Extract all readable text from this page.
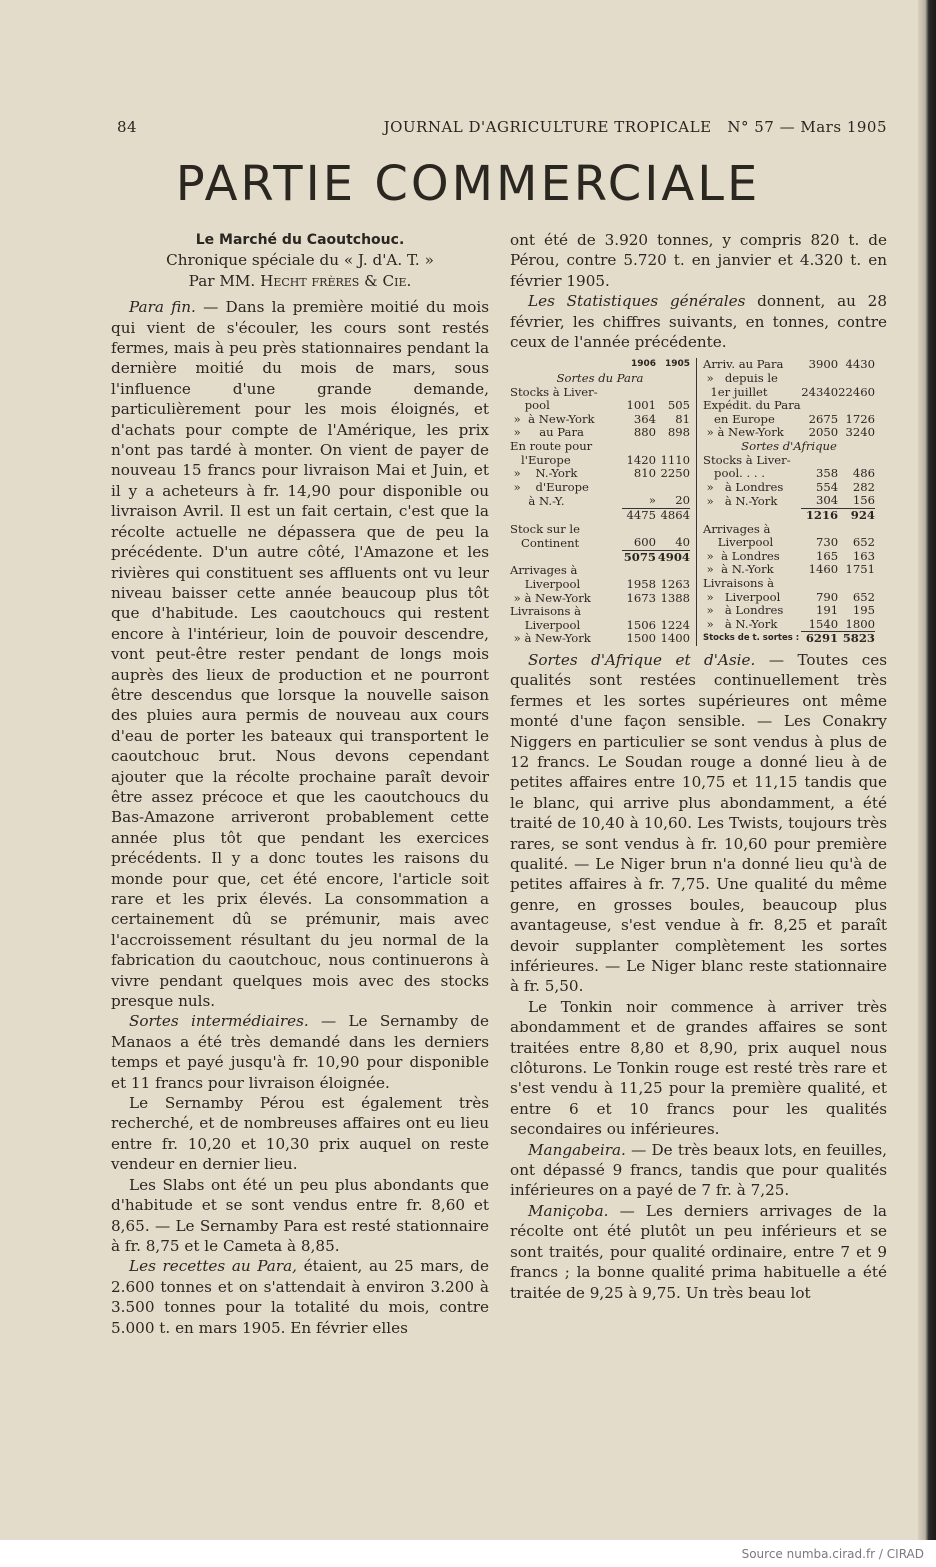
84	JOURNAL D'AGRICULTURE TROPICALE N° 57 — Mars 1905
PARTIE COMMERCIALE

Le Marché du Caoutchouc.

Chronique spéciale du « J. d'A. T. »

Par MM. Hecht frères & Cie.

Para fin. — Dans la première moitié du mois qui vient de s'écouler, les cours sont restés fermes, mais à peu près stationnaires pendant la dernière moitié du mois de mars, sous l'influence d'une grande demande, particulièrement pour les mois éloignés, et d'achats pour compte de l'Amérique, les prix n'ont pas tardé à monter. On vient de payer de nouveau 15 francs pour livraison Mai et Juin, et il y a acheteurs à fr. 14,90 pour disponible ou livraison Avril. Il est un fait certain, c'est que la récolte actuelle ne dépassera que de peu la précédente. D'un autre côté, l'Amazone et les rivières qui constituent ses affluents ont vu leur niveau baisser cette année beaucoup plus tôt que d'habitude. Les caoutchoucs qui restent encore à l'intérieur, loin de pouvoir descendre, vont peut-être rester pendant de longs mois auprès des lieux de production et ne pourront être descendus que lorsque la nouvelle saison des pluies aura permis de nouveau aux cours d'eau de porter les bateaux qui transportent le caoutchouc brut. Nous devons cependant ajouter que la récolte prochaine paraît devoir être assez précoce et que les caoutchoucs du Bas-Amazone arriveront probablement cette année plus tôt que pendant les exercices précédents. Il y a donc toutes les raisons du monde pour que, cet été encore, l'article soit rare et les prix élevés. La consommation a certainement dû se prémunir, mais avec l'accroissement résultant du jeu normal de la fabrication du caoutchouc, nous continuerons à vivre pendant quelques mois avec des stocks presque nuls.

Sortes intermédiaires. — Le Sernamby de Manaos a été très demandé dans les derniers temps et payé jusqu'à fr. 10,90 pour disponible et 11 francs pour livraison éloignée.

Le Sernamby Pérou est également très recherché, et de nombreuses affaires ont eu lieu entre fr. 10,20 et 10,30 prix auquel on reste vendeur en dernier lieu.

Les Slabs ont été un peu plus abondants que d'habitude et se sont vendus entre fr. 8,60 et 8,65. — Le Sernamby Para est resté stationnaire à fr. 8,75 et le Cameta à 8,85.

Les recettes au Para, étaient, au 25 mars, de 2.600 tonnes et on s'attendait à environ 3.200 à 3.500 tonnes pour la totalité du mois, contre 5.000 t. en mars 1905. En février elles

ont été de 3.920 tonnes, y compris 820 t. de Pérou, contre 5.720 t. en janvier et 4.320 t. en février 1905.

Les Statistiques générales donnent, au 28 février, les chiffres suivants, en tonnes, contre ceux de l'année précédente.

	1906	1905
Sortes du Para		
Stocks à Liver-		
pool	1001	505
»  à New-York	364	81
»     au Para	880	898
En route pour		
l'Europe	1420	1110
»    N.-York	810	2250
»    d'Europe		
à N.-Y.	»	20
	4475	4864
Stock sur le		
Continent	600	40
	5075	4904
Arrivages à		
Liverpool	1958	1263
» à New-York	1673	1388
Livraisons à		
Liverpool	1506	1224
» à New-York	1500	1400
Arriv. au Para	3900	4430
»   depuis le		
1er juillet	24340	22460
Expédit. du Para		
en Europe	2675	1726
» à New-York	2050	3240
Sortes d'Afrique		
Stocks à Liver-		
pool. . . .	358	486
»   à Londres	554	282
»   à N.-York	304	156
	1216	924
Arrivages à		
Liverpool	730	652
»  à Londres	165	163
»  à N.-York	1460	1751
Livraisons à		
»   Liverpool	790	652
»   à Londres	191	195
»   à N.-York	1540	1800
Stocks de t. sortes :	6291	5823

Sortes d'Afrique et d'Asie. — Toutes ces qualités sont restées continuellement très fermes et les sortes supérieures ont même monté d'une façon sensible. — Les Conakry Niggers en particulier se sont vendus à plus de 12 francs. Le Soudan rouge a donné lieu à de petites affaires entre 10,75 et 11,15 tandis que le blanc, qui arrive plus abondamment, a été traité de 10,40 à 10,60. Les Twists, toujours très rares, se sont vendus à fr. 10,60 pour première qualité. — Le Niger brun n'a donné lieu qu'à de petites affaires à fr. 7,75. Une qualité du même genre, en grosses boules, beaucoup plus avantageuse, s'est vendue à fr. 8,25 et paraît devoir supplanter complètement les sortes inférieures. — Le Niger blanc reste stationnaire à fr. 5,50.

Le Tonkin noir commence à arriver très abondamment et de grandes affaires se sont traitées entre 8,80 et 8,90, prix auquel nous clôturons. Le Tonkin rouge est resté très rare et s'est vendu à 11,25 pour la première qualité, et entre 6 et 10 francs pour les qualités secondaires ou inférieures.

Mangabeira. — De très beaux lots, en feuilles, ont dépassé 9 francs, tandis que pour qualités inférieures on a payé de 7 fr. à 7,25.

Maniçoba. — Les derniers arrivages de la récolte ont été plutôt un peu inférieurs et se sont traités, pour qualité ordinaire, entre 7 et 9 francs ; la bonne qualité prima habituelle a été traitée de 9,25 à 9,75. Un très beau lot

Source numba.cirad.fr / CIRAD
